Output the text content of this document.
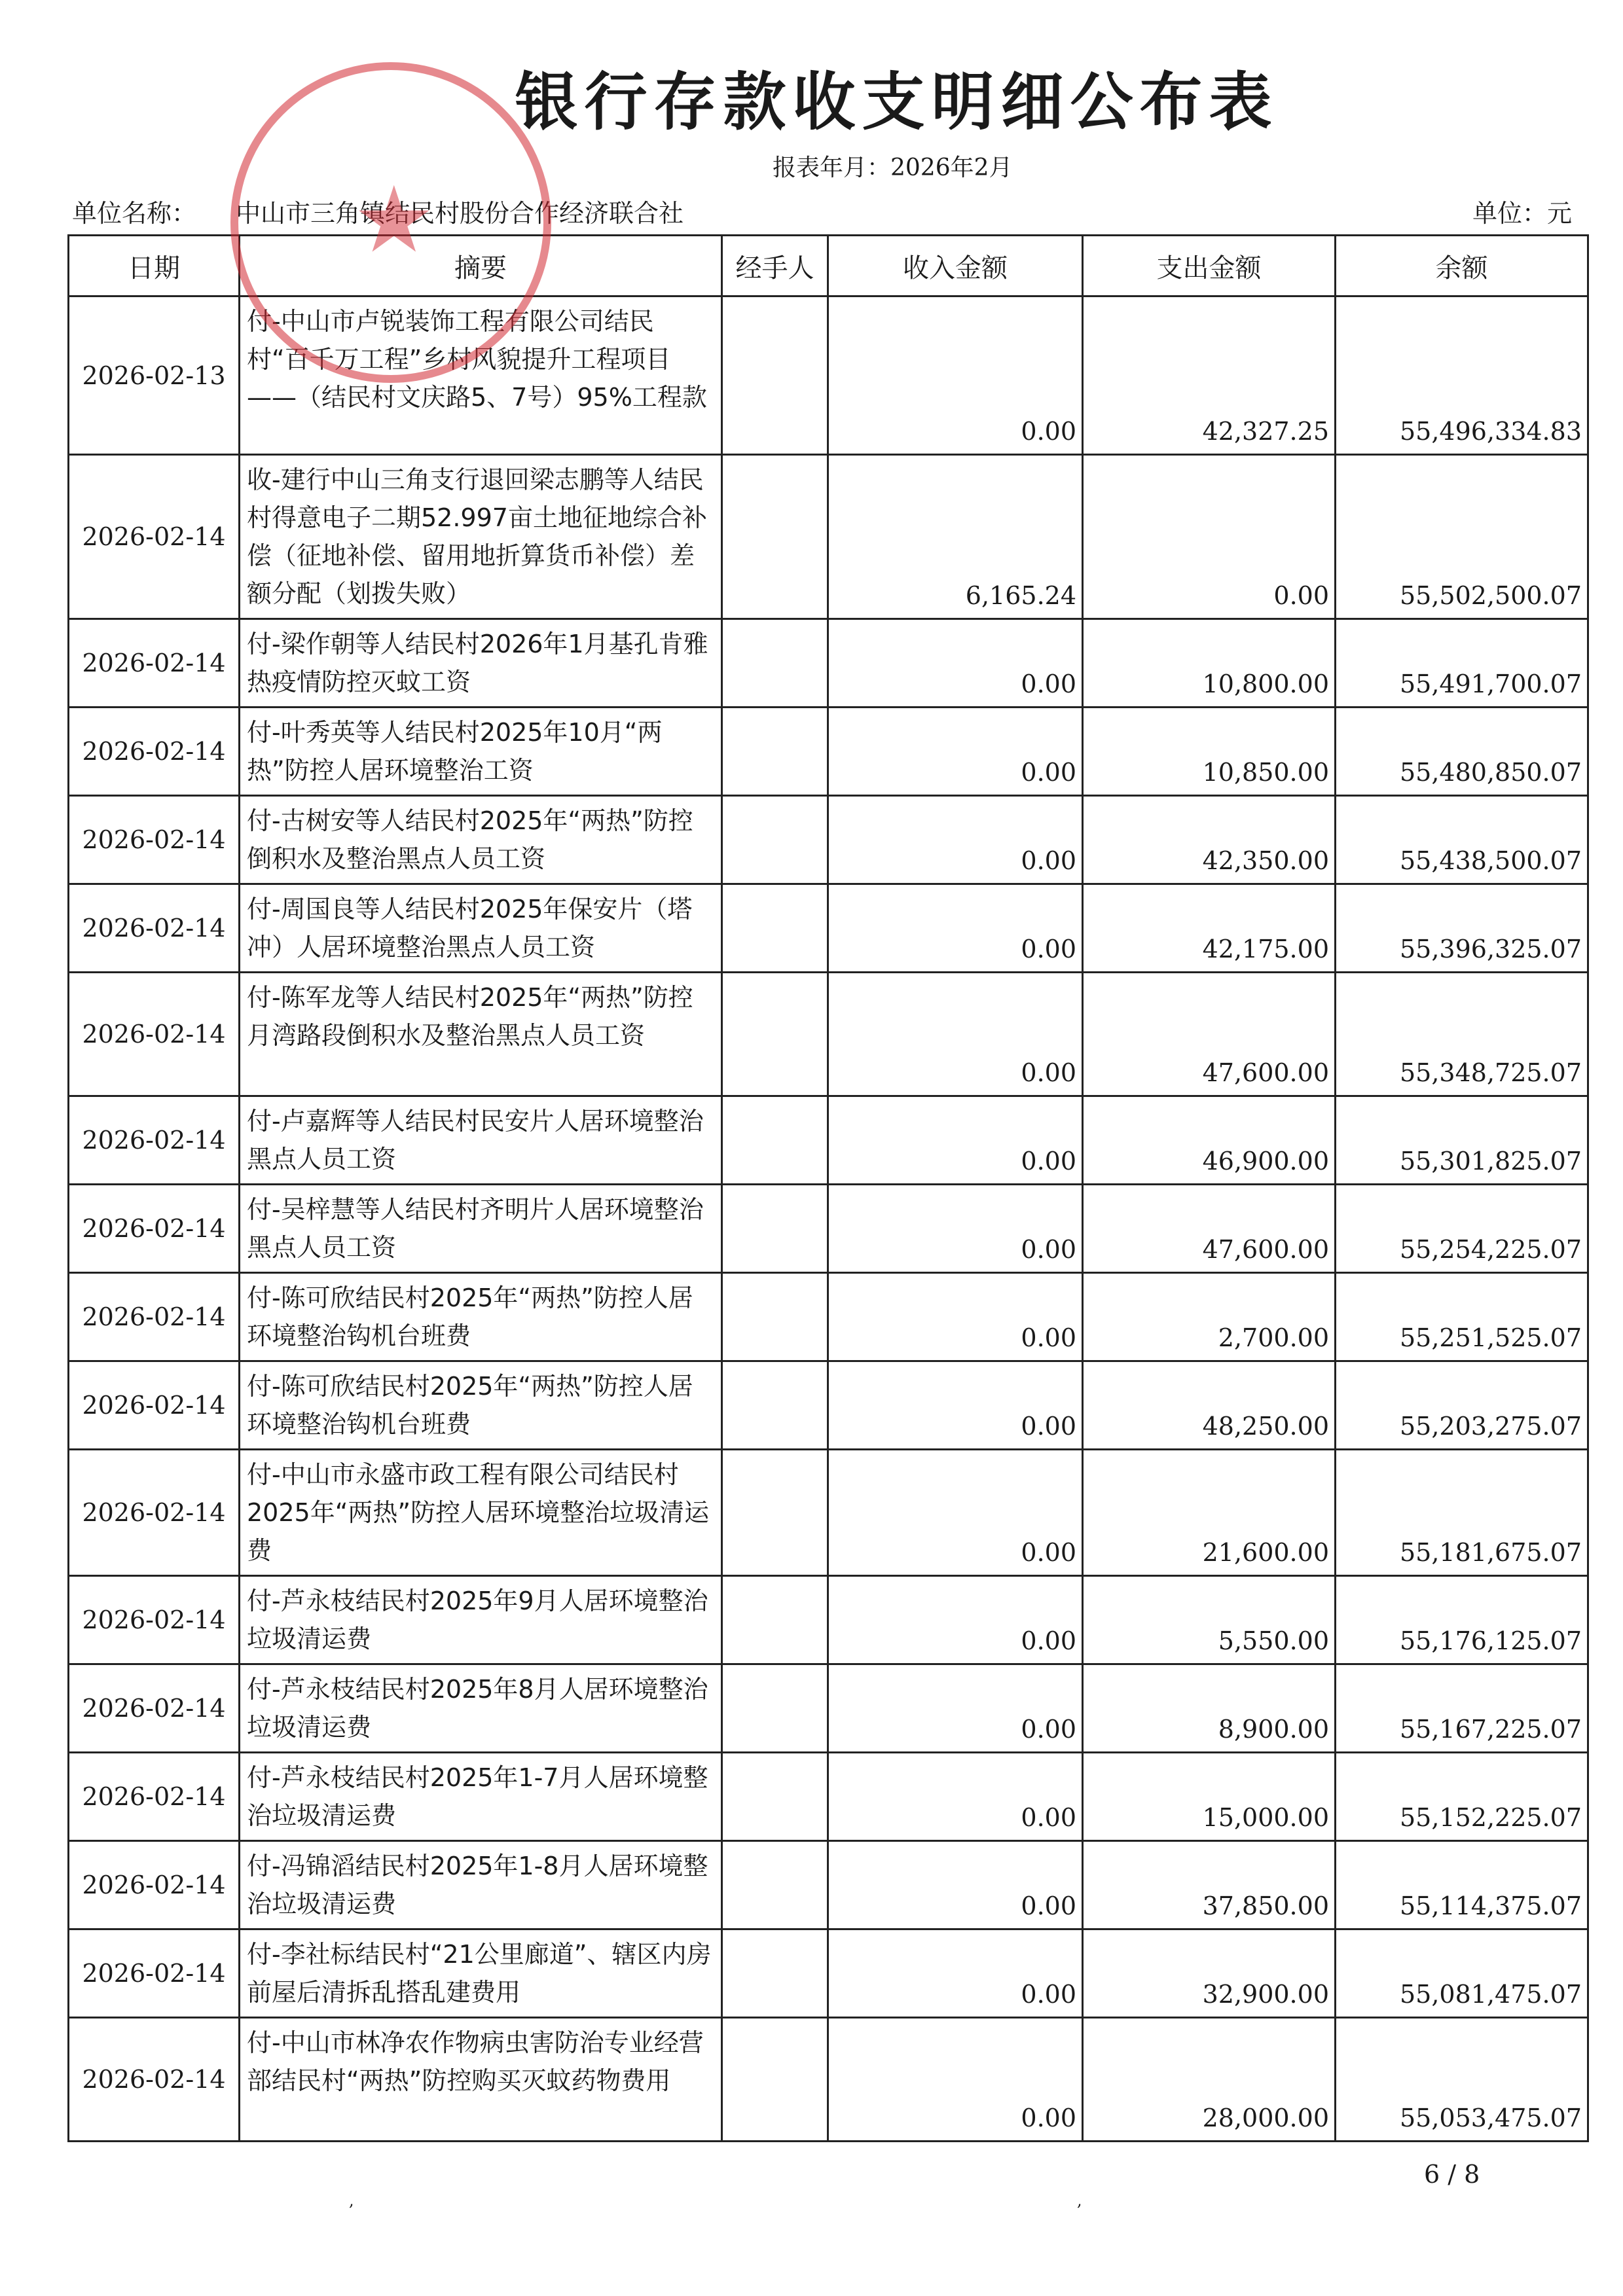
★
银行存款收支明细公布表
报表年月：2026年2月
单位名称： 中山市三角镇结民村股份合作经济联合社	单位：元
日期	摘要	经手人	收入金额	支出金额	余额
2026-02-13	付-中山市卢锐装饰工程有限公司结民村“百千万工程”乡村风貌提升工程项目——（结民村文庆路5、7号）95%工程款		0.00	42,327.25	55,496,334.83
2026-02-14	收-建行中山三角支行退回梁志鹏等人结民村得意电子二期52.997亩土地征地综合补偿（征地补偿、留用地折算货币补偿）差额分配（划拨失败）		6,165.24	0.00	55,502,500.07
2026-02-14	付-梁作朝等人结民村2026年1月基孔肯雅热疫情防控灭蚊工资		0.00	10,800.00	55,491,700.07
2026-02-14	付-叶秀英等人结民村2025年10月“两热”防控人居环境整治工资		0.00	10,850.00	55,480,850.07
2026-02-14	付-古树安等人结民村2025年“两热”防控倒积水及整治黑点人员工资		0.00	42,350.00	55,438,500.07
2026-02-14	付-周国良等人结民村2025年保安片（塔冲）人居环境整治黑点人员工资		0.00	42,175.00	55,396,325.07
2026-02-14	付-陈军龙等人结民村2025年“两热”防控月湾路段倒积水及整治黑点人员工资		0.00	47,600.00	55,348,725.07
2026-02-14	付-卢嘉辉等人结民村民安片人居环境整治黑点人员工资		0.00	46,900.00	55,301,825.07
2026-02-14	付-吴梓慧等人结民村齐明片人居环境整治黑点人员工资		0.00	47,600.00	55,254,225.07
2026-02-14	付-陈可欣结民村2025年“两热”防控人居环境整治钩机台班费		0.00	2,700.00	55,251,525.07
2026-02-14	付-陈可欣结民村2025年“两热”防控人居环境整治钩机台班费		0.00	48,250.00	55,203,275.07
2026-02-14	付-中山市永盛市政工程有限公司结民村2025年“两热”防控人居环境整治垃圾清运费		0.00	21,600.00	55,181,675.07
2026-02-14	付-芦永枝结民村2025年9月人居环境整治垃圾清运费		0.00	5,550.00	55,176,125.07
2026-02-14	付-芦永枝结民村2025年8月人居环境整治垃圾清运费		0.00	8,900.00	55,167,225.07
2026-02-14	付-芦永枝结民村2025年1-7月人居环境整治垃圾清运费		0.00	15,000.00	55,152,225.07
2026-02-14	付-冯锦滔结民村2025年1-8月人居环境整治垃圾清运费		0.00	37,850.00	55,114,375.07
2026-02-14	付-李社标结民村“21公里廊道”、辖区内房前屋后清拆乱搭乱建费用		0.00	32,900.00	55,081,475.07
2026-02-14	付-中山市林净农作物病虫害防治专业经营部结民村“两热”防控购买灭蚊药物费用		0.00	28,000.00	55,053,475.07
6 / 8
,	,
